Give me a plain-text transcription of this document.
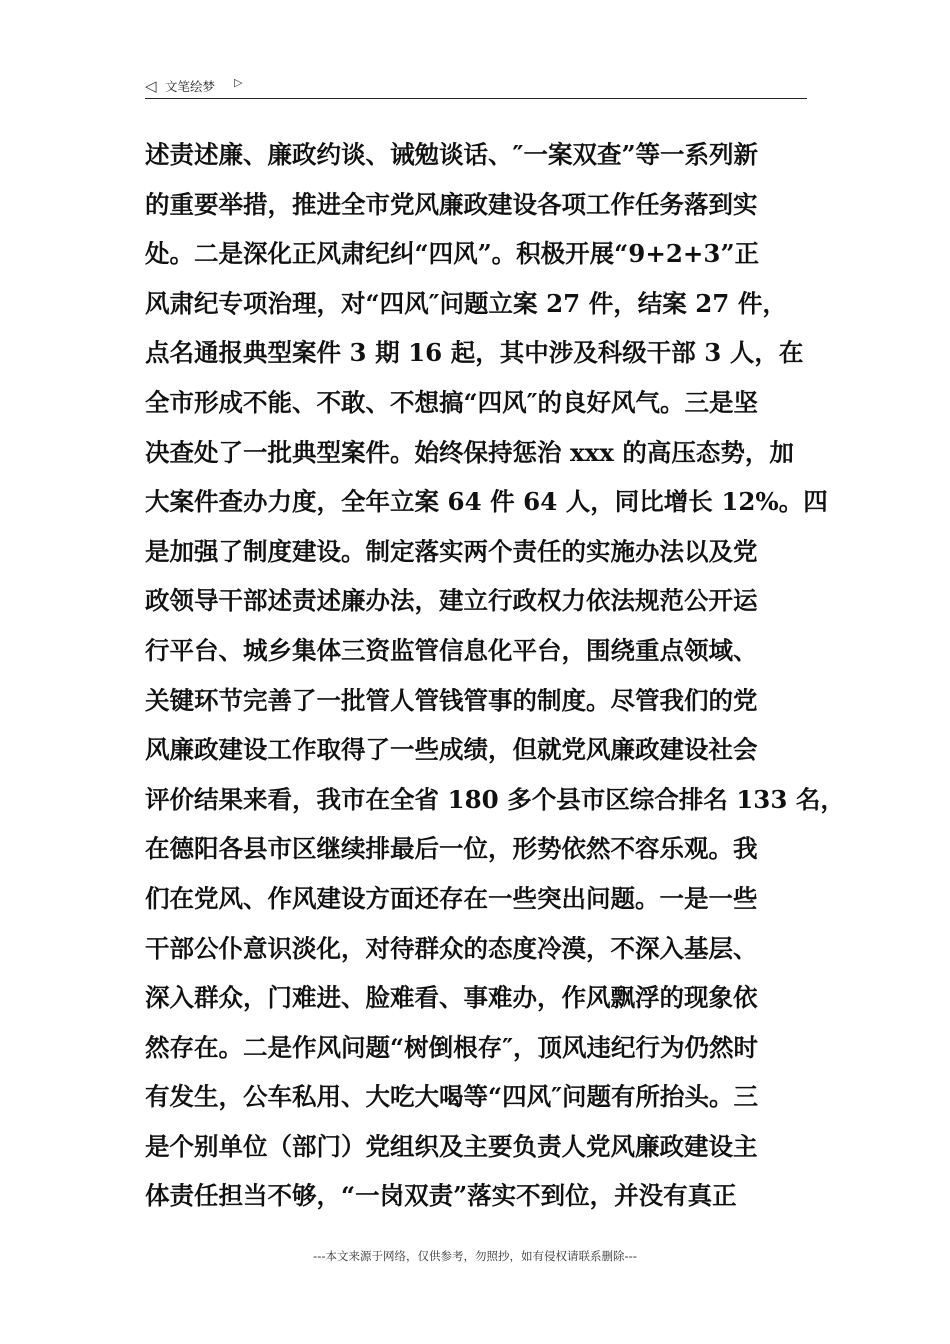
◁ 文笔绘梦 ▷
述责述廉、廉政约谈、诫勉谈话、″一案双查”等一系列新
的重要举措，推进全市党风廉政建设各项工作任务落到实
处。二是深化正风肃纪纠“四风”。积极开展“9+2+3”正
风肃纪专项治理，对“四风″问题立案 27 件，结案 27 件，
点名通报典型案件 3 期 16 起，其中涉及科级干部 3 人，在
全市形成不能、不敢、不想搞“四风″的良好风气。三是坚
决查处了一批典型案件。始终保持惩治 xxx 的高压态势，加
大案件查办力度，全年立案 64 件 64 人，同比增长 12%。四
是加强了制度建设。制定落实两个责任的实施办法以及党
政领导干部述责述廉办法，建立行政权力依法规范公开运
行平台、城乡集体三资监管信息化平台，围绕重点领域、
关键环节完善了一批管人管钱管事的制度。尽管我们的党
风廉政建设工作取得了一些成绩，但就党风廉政建设社会
评价结果来看，我市在全省 180 多个县市区综合排名 133 名，
在德阳各县市区继续排最后一位，形势依然不容乐观。我
们在党风、作风建设方面还存在一些突出问题。一是一些
干部公仆意识淡化，对待群众的态度冷漠，不深入基层、
深入群众，门难进、脸难看、事难办，作风飘浮的现象依
然存在。二是作风问题“树倒根存″，顶风违纪行为仍然时
有发生，公车私用、大吃大喝等“四风″问题有所抬头。三
是个别单位（部门）党组织及主要负责人党风廉政建设主
体责任担当不够，“一岗双责”落实不到位，并没有真正
---本文来源于网络，仅供参考，勿照抄，如有侵权请联系删除---
